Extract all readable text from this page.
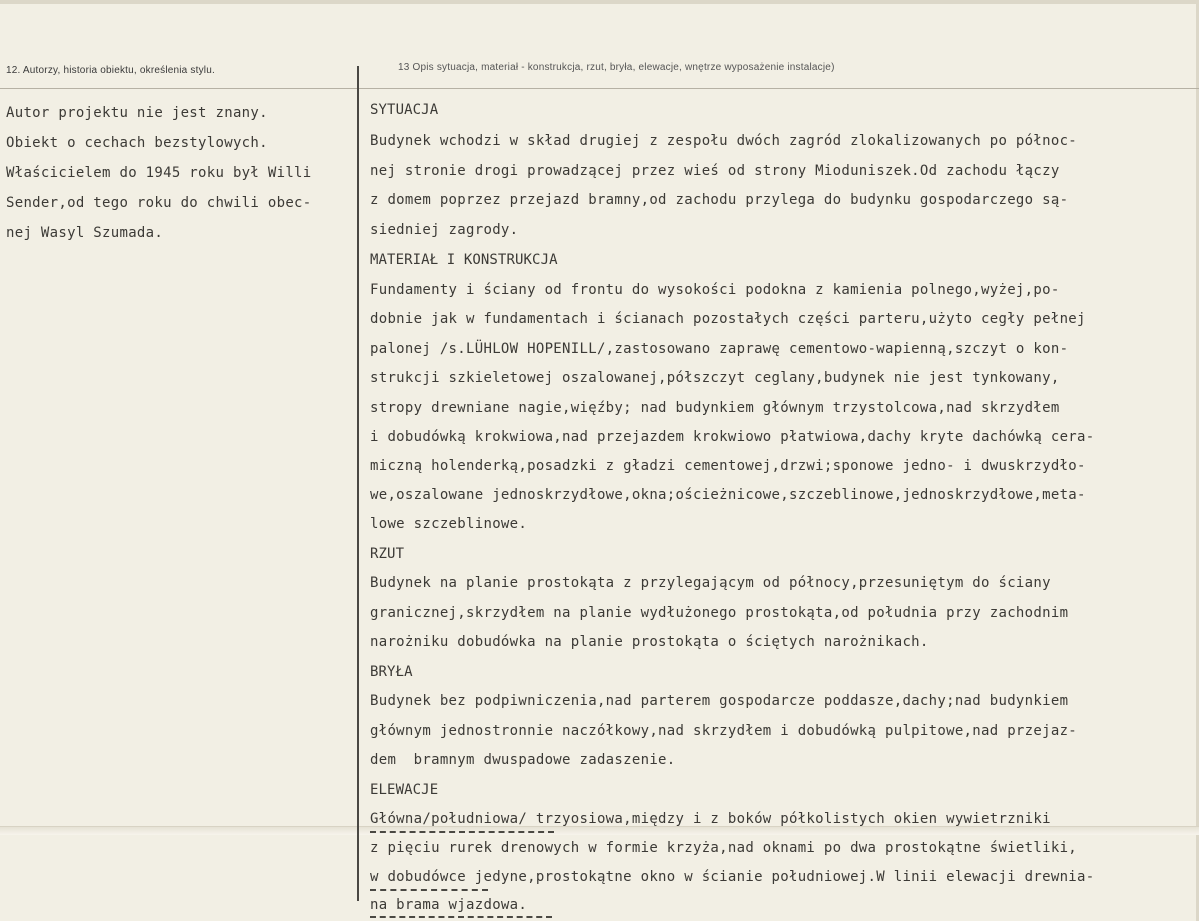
12. Autorzy, historia obiektu, określenia stylu.	13 Opis sytuacja, materiał - konstrukcja, rzut, bryła, elewacje, wnętrze wyposażenie instalacje)
Autor projektu nie jest znany.
Obiekt o cechach bezstylowych.
Właścicielem do 1945 roku był Willi
Sender,od tego roku do chwili obec-
nej Wasyl Szumada.
SYTUACJA
Budynek wchodzi w skład drugiej z zespołu dwóch zagród zlokalizowanych po północ-
nej stronie drogi prowadzącej przez wieś od strony Mioduniszek.Od zachodu łączy
z domem poprzez przejazd bramny,od zachodu przylega do budynku gospodarczego są-
siedniej zagrody.
MATERIAŁ I KONSTRUKCJA
Fundamenty i ściany od frontu do wysokości podokna z kamienia polnego,wyżej,po-
dobnie jak w fundamentach i ścianach pozostałych części parteru,użyto cegły pełnej
palonej /s.LÜHLOW HOPENILL/,zastosowano zaprawę cementowo-wapienną,szczyt o kon-
strukcji szkieletowej oszalowanej,półszczyt ceglany,budynek nie jest tynkowany,
stropy drewniane nagie,więźby; nad budynkiem głównym trzystolcowa,nad skrzydłem
i dobudówką krokwiowa,nad przejazdem krokwiowo płatwiowa,dachy kryte dachówką cera-
miczną holenderką,posadzki z gładzi cementowej,drzwi;sponowe jedno- i dwuskrzydło-
we,oszalowane jednoskrzydłowe,okna;ościeżnicowe,szczeblinowe,jednoskrzydłowe,meta-
lowe szczeblinowe.
RZUT
Budynek na planie prostokąta z przylegającym od północy,przesuniętym do ściany
granicznej,skrzydłem na planie wydłużonego prostokąta,od południa przy zachodnim
narożniku dobudówka na planie prostokąta o ściętych narożnikach.
BRYŁA
Budynek bez podpiwniczenia,nad parterem gospodarcze poddasze,dachy;nad budynkiem
głównym jednostronnie naczółkowy,nad skrzydłem i dobudówką pulpitowe,nad przejaz-
dem  bramnym dwuspadowe zadaszenie.
ELEWACJE
Główna/południowa/ trzyosiowa,między i z boków półkolistych okien wywietrzniki
z pięciu rurek drenowych w formie krzyża,nad oknami po dwa prostokątne świetliki,
w dobudówce jedyne,prostokątne okno w ścianie południowej.W linii elewacji drewnia-
na brama wjazdowa.
